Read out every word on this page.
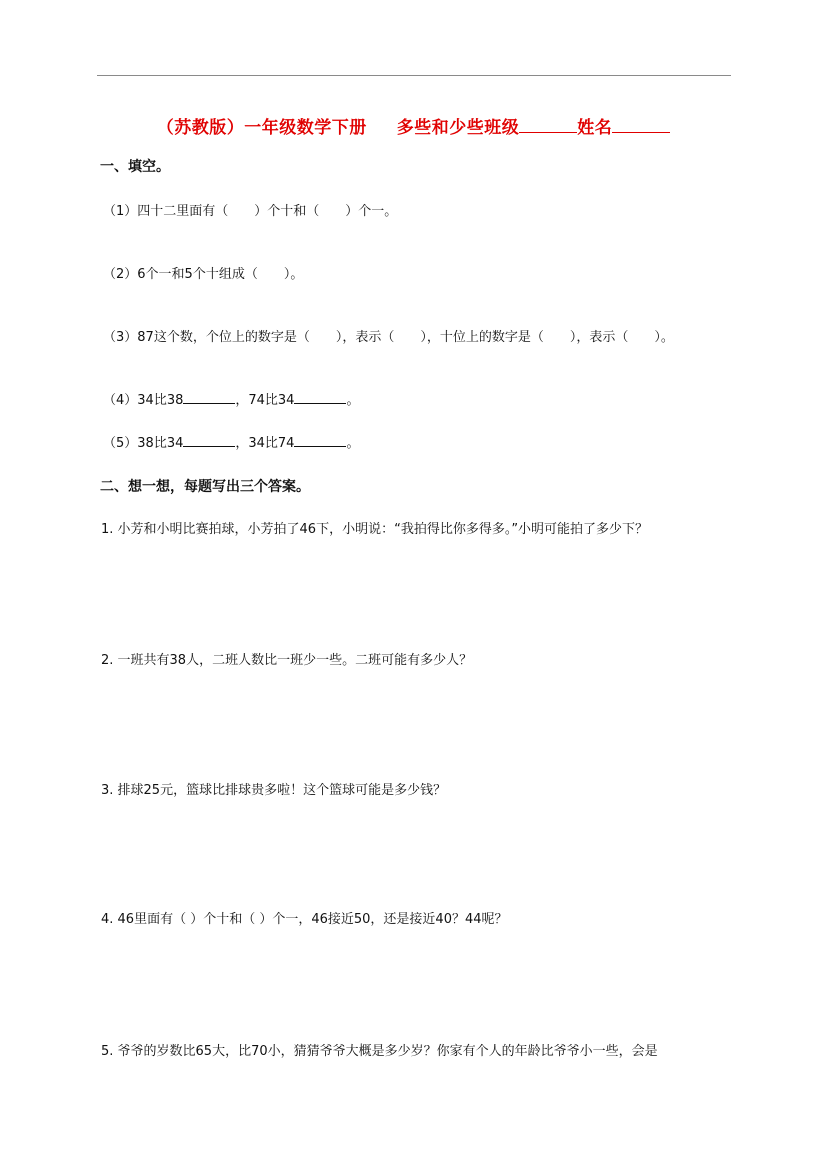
（苏教版）一年级数学下册 多些和少些班级	姓名
一、填空。
（1）四十二里面有（　　）个十和（　　）个一。
（2）6个一和5个十组成（　　）。
（3）87这个数，个位上的数字是（　　），表示（　　），十位上的数字是（　　），表示（　　）。
（4）34比38	，74比34	。
（5）38比34	，34比74	。
二、想一想，每题写出三个答案。
1. 小芳和小明比赛拍球，小芳拍了46下，小明说：“我拍得比你多得多。”小明可能拍了多少下？
2. 一班共有38人，二班人数比一班少一些。二班可能有多少人？
3. 排球25元，篮球比排球贵多啦！这个篮球可能是多少钱？
4. 46里面有（ ）个十和（ ）个一，46接近50，还是接近40？44呢？
5. 爷爷的岁数比65大，比70小，猜猜爷爷大概是多少岁？你家有个人的年龄比爷爷小一些，会是
